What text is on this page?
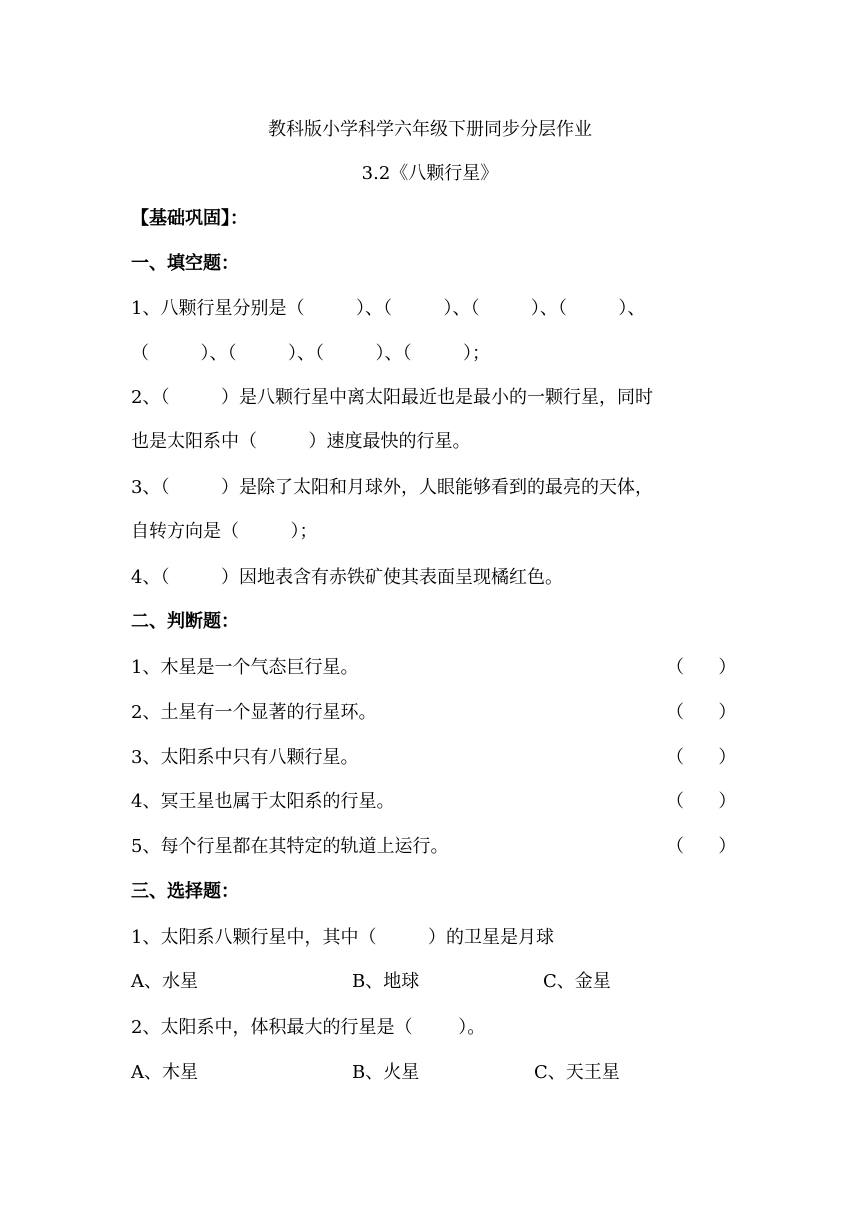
教科版小学科学六年级下册同步分层作业
3.2《八颗行星》
【基础巩固】：
一、填空题：
1、八颗行星分别是（         ）、（         ）、（         ）、（         ）、
（         ）、（         ）、（         ）、（         ）；
2、（         ）是八颗行星中离太阳最近也是最小的一颗行星，同时
也是太阳系中（         ）速度最快的行星。
3、（         ）是除了太阳和月球外，人眼能够看到的最亮的天体，
自转方向是（         ）；
4、（         ）因地表含有赤铁矿使其表面呈现橘红色。
二、判断题：
1、木星是一个气态巨行星。	（      ）
2、土星有一个显著的行星环。	（      ）
3、太阳系中只有八颗行星。	（      ）
4、冥王星也属于太阳系的行星。	（      ）
5、每个行星都在其特定的轨道上运行。	（      ）
三、选择题：
1、太阳系八颗行星中，其中（         ）的卫星是月球
A、水星	B、地球	C、金星
2、太阳系中，体积最大的行星是（        ）。
A、木星	B、火星	C、天王星
